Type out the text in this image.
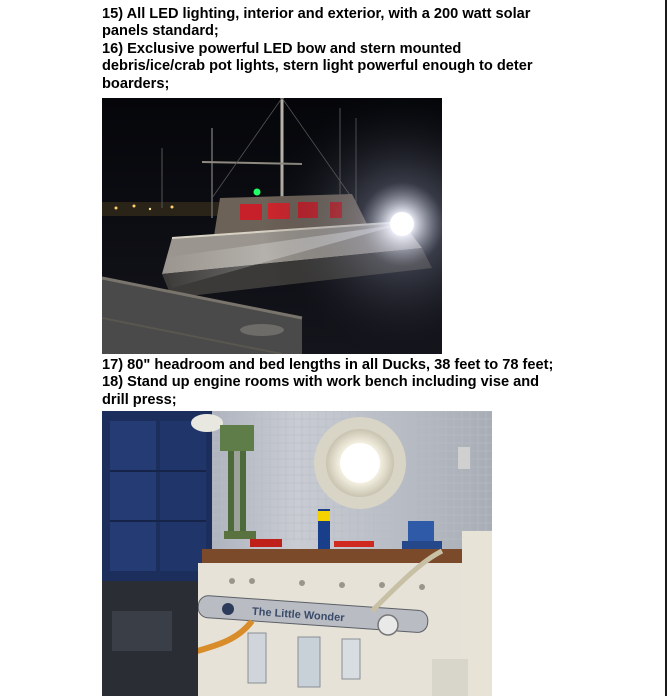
15) All LED lighting, interior and exterior, with a 200 watt solar
panels standard;

16) Exclusive powerful LED bow and stern mounted
debris/ice/crab pot lights, stern light powerful enough to deter
boarders;

17) 80" headroom and bed lengths in all Ducks, 38 feet to 78 feet;

18) Stand up engine rooms with work bench including vise and
drill press;

The Little Wonder
